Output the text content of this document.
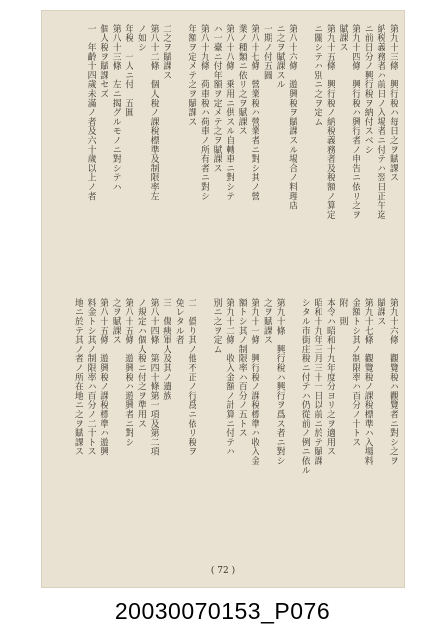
第九十三條　興行稅ハ每日之ヲ賦課ス
納税義務者ハ前日ノ入場者ニ付テハ翌日正午迄
ニ前日分ノ興行稅ヲ納付スベシ
第九十四條　興行稅ハ興行者ノ申告ニ依リ之ヲ
賦課ス
第九十五條　興行稅ノ納稅義務者及稅額ノ算定
ニ關シテハ別ニ之ヲ定ム
第八十六條　遊興稅ヲ賦課スル場合ノ料理店
ニ之ヲ賦課スル
一期ノ付五圓
第八十七條　營業稅ハ營業者ニ對シ其ノ營
業ノ種類ニ依リ之ヲ賦課ス
第八十八條　乗用ニ供スル自轉車ニ對シテ
ハ一臺ニ付年額ヲ定メテ之ヲ賦課ス
第八十九條　荷車稅ハ荷車ノ所有者ニ對シ
年額ヲ定メテ之ヲ賦課ス
二之ヲ賦課ス
第八十二條　個人稅ノ課稅標準及制限率左
ノ如シ
年稅　一人ニ付　五圓
第八十三條　左ニ揭グルモノニ對シテハ
個人稅ヲ賦課セズ
一　年齡十四歲未滿ノ者及六十歲以上ノ者
第九十六條　觀覽稅ハ觀覽者ニ對シ之ヲ
賦課ス
第九十七條　觀覽稅ノ課稅標準ハ入場料
金額トシ其ノ制限率ハ百分ノ十トス
附　則
本令ハ昭和十九年度分ヨリ之ヲ適用ス
昭和十九年三月三十一日以前ニ於テ賦課
シタル市街庄稅ニ付テハ仍從前ノ例ニ依ル
第九十條　興行稅ハ興行ヲ爲ス者ニ對シ
之ヲ賦課ス
第九十一條　興行稅ノ課稅標準ハ收入金
額トシ其ノ制限率ハ百分ノ五トス
第九十二條　收入金額ノ計算ニ付テハ
別ニ之ヲ定ム
二　僞り其ノ他不正ノ行爲ニ依リ稅ヲ
免レタル者
三　傷痍軍人及其ノ遺族
第八十四條　第四十條第一項及第二項
ノ規定ハ個人稅ニ付之ヲ準用ス
第八十五條　遊興稅ハ遊興者ニ對シ
之ヲ賦課ス
第八十五條　遊興稅ノ課稅標準ハ遊興
料金トシ其ノ制限率ハ百分ノ二十トス
地ニ於テ其ノ者ノ所在地ニ之ヲ賦課ス
( 72 )
20030070153_P076
